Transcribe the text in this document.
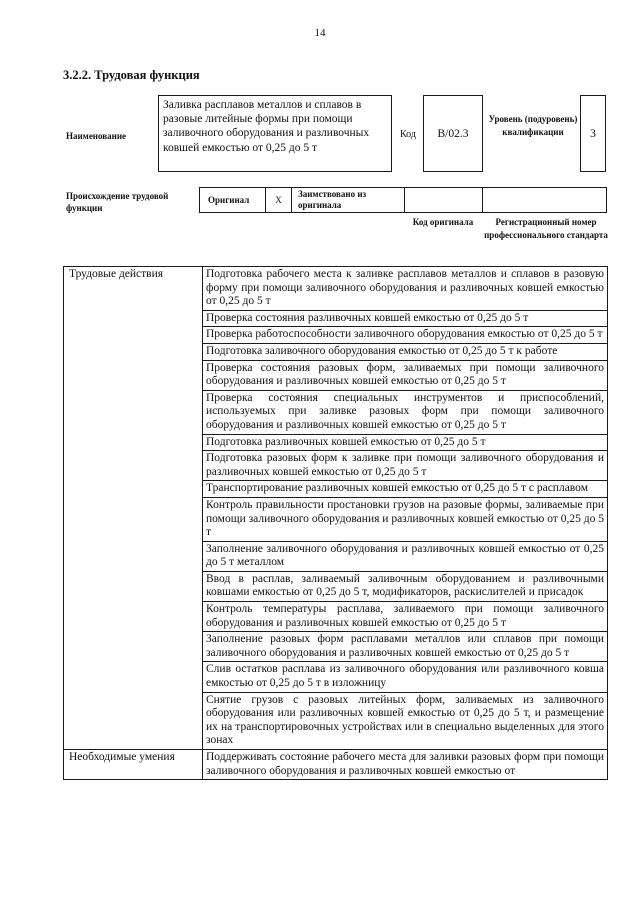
14
3.2.2. Трудовая функция
Наименование
Заливка расплавов металлов и сплавов в разовые литейные формы при помощи заливочного оборудования и разливочных ковшей емкостью от 0,25 до 5 т
Код	B/02.3
Уровень (подуровень) квалификации	3
Происхождение трудовой функции
Оригинал	X
Заимствовано из оригинала
Код оригинала	Регистрационный номер профессионального стандарта
Трудовые действия	Подготовка рабочего места к заливке расплавов металлов и сплавов в разовую форму при помощи заливочного оборудования и разливочных ковшей емкостью от 0,25 до 5 т
	Проверка состояния разливочных ковшей емкостью от 0,25 до 5 т
	Проверка работоспособности заливочного оборудования емкостью от 0,25 до 5 т
	Подготовка заливочного оборудования емкостью от 0,25 до 5 т к работе
	Проверка состояния разовых форм, заливаемых при помощи заливочного оборудования и разливочных ковшей емкостью от 0,25 до 5 т
	Проверка состояния специальных инструментов и приспособлений, используемых при заливке разовых форм при помощи заливочного оборудования и разливочных ковшей емкостью от 0,25 до 5 т
	Подготовка разливочных ковшей емкостью от 0,25 до 5 т
	Подготовка разовых форм к заливке при помощи заливочного оборудования и разливочных ковшей емкостью от 0,25 до 5 т
	Транспортирование разливочных ковшей емкостью от 0,25 до 5 т с расплавом
	Контроль правильности простановки грузов на разовые формы, заливаемые при помощи заливочного оборудования и разливочных ковшей емкостью от 0,25 до 5 т
	Заполнение заливочного оборудования и разливочных ковшей емкостью от 0,25 до 5 т металлом
	Ввод в расплав, заливаемый заливочным оборудованием и разливочными ковшами емкостью от 0,25 до 5 т, модификаторов, раскислителей и присадок
	Контроль температуры расплава, заливаемого при помощи заливочного оборудования и разливочных ковшей емкостью от 0,25 до 5 т
	Заполнение разовых форм расплавами металлов или сплавов при помощи заливочного оборудования и разливочных ковшей емкостью от 0,25 до 5 т
	Слив остатков расплава из заливочного оборудования или разливочного ковша емкостью от 0,25 до 5 т в изложницу
	Снятие грузов с разовых литейных форм, заливаемых из заливочного оборудования или разливочных ковшей емкостью от 0,25 до 5 т, и размещение их на транспортировочных устройствах или в специально выделенных для этого зонах
Необходимые умения	Поддерживать состояние рабочего места для заливки разовых форм при помощи заливочного оборудования и разливочных ковшей емкостью от
